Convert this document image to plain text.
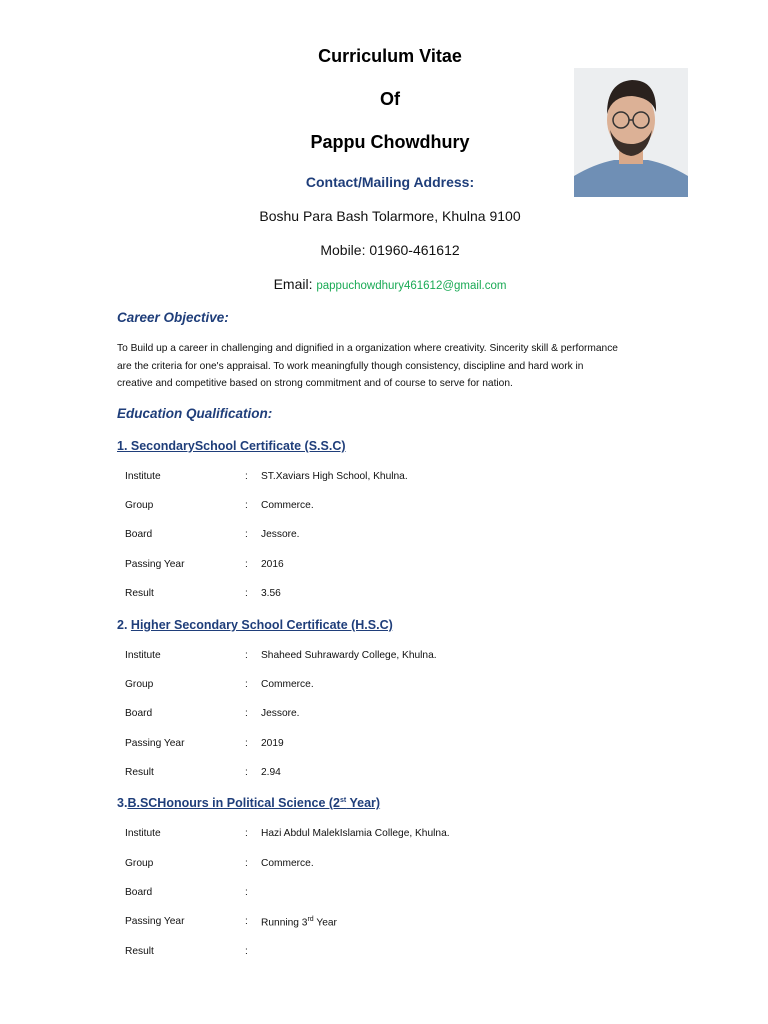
Curriculum Vitae
Of
Pappu Chowdhury
Contact/Mailing Address:
Boshu Para Bash Tolarmore, Khulna 9100
Mobile: 01960-461612
Email: pappuchowdhury461612@gmail.com
Career Objective:
To Build up a career in challenging and dignified in a organization where creativity. Sincerity skill & performance
are the criteria for one's appraisal. To work meaningfully though consistency, discipline and hard work in
creative and competitive based on strong commitment and of course to serve for nation.
Education Qualification:
1. SecondarySchool Certificate (S.S.C)
Institute	: ST.Xaviars High School, Khulna.
Group	: Commerce.
Board	: Jessore.
Passing Year	: 2016
Result	: 3.56
2. Higher Secondary School Certificate (H.S.C)
Institute	: Shaheed Suhrawardy College, Khulna.
Group	: Commerce.
Board	: Jessore.
Passing Year	: 2019
Result	: 2.94
3.B.SCHonours in Political Science (2st Year)
Institute	: Hazi Abdul MalekIslamia College, Khulna.
Group	: Commerce.
Board	:
Passing Year	: Running 3rd Year
Result	:
